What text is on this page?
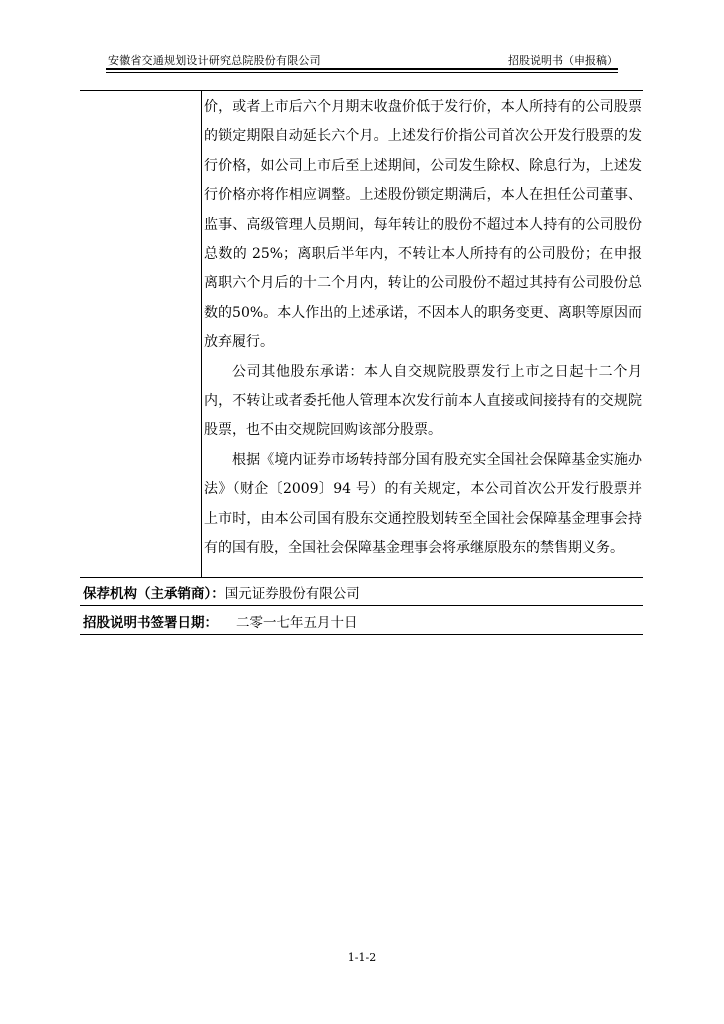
安徽省交通规划设计研究总院股份有限公司	招股说明书（申报稿）

价，或者上市后六个月期末收盘价低于发行价，本人所持有的公司股票的锁定期限自动延长六个月。上述发行价指公司首次公开发行股票的发行价格，如公司上市后至上述期间，公司发生除权、除息行为，上述发行价格亦将作相应调整。上述股份锁定期满后，本人在担任公司董事、监事、高级管理人员期间，每年转让的股份不超过本人持有的公司股份总数的 25%；离职后半年内，不转让本人所持有的公司股份；在申报离职六个月后的十二个月内，转让的公司股份不超过其持有公司股份总数的50%。本人作出的上述承诺，不因本人的职务变更、离职等原因而放弃履行。

公司其他股东承诺：本人自交规院股票发行上市之日起十二个月内，不转让或者委托他人管理本次发行前本人直接或间接持有的交规院股票，也不由交规院回购该部分股票。

根据《境内证券市场转持部分国有股充实全国社会保障基金实施办法》（财企〔2009〕94 号）的有关规定，本公司首次公开发行股票并上市时，由本公司国有股东交通控股划转至全国社会保障基金理事会持有的国有股，全国社会保障基金理事会将承继原股东的禁售期义务。

保荐机构（主承销商）：国元证券股份有限公司
招股说明书签署日期： 二零一七年五月十日
1-1-2
